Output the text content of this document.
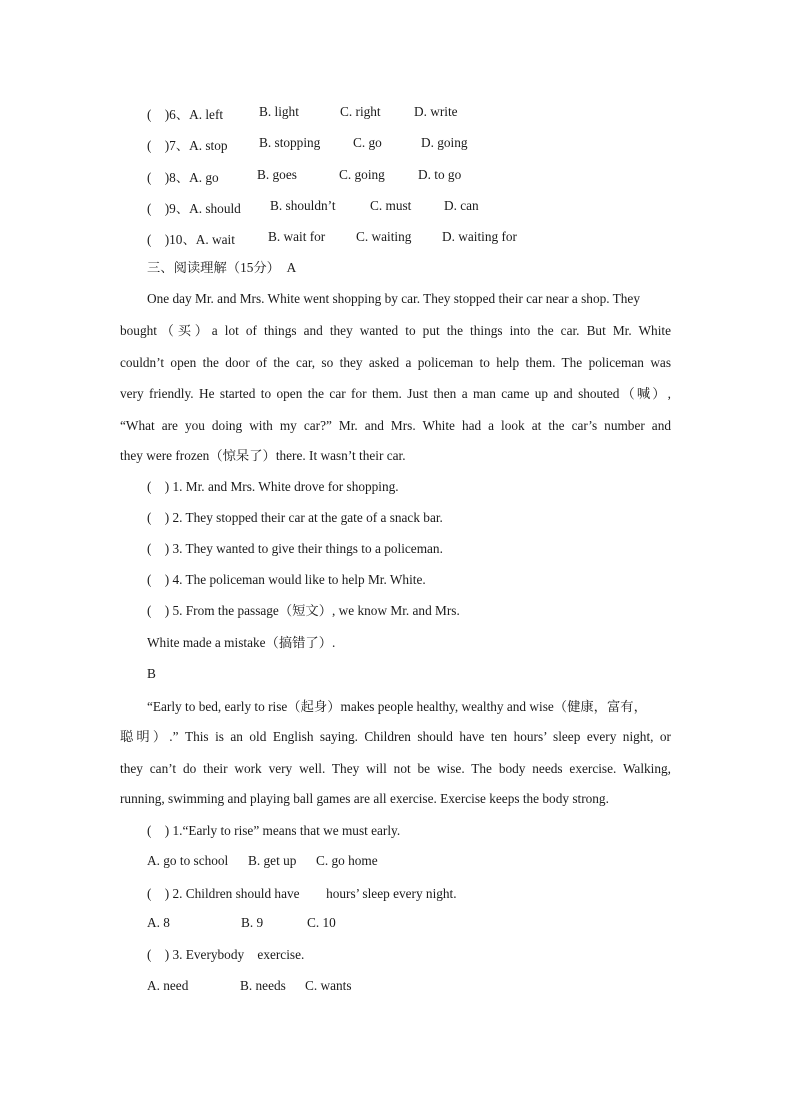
(    )6、A. left	B. light	C. right	D. write
(    )7、A. stop B. stopping C. go	D. going
(    )8、A. go	B. goes	C. going D. to go
(    )9、A. should B. shouldn’t	C. must D. can
(    )10、A. wait B. wait for C. waiting D. waiting for
三、阅读理解（15分）  A
One day Mr. and Mrs. White went shopping by car. They stopped their car near a shop. They
bought（买）a lot of things and they wanted to put the things into the car. But Mr. White
couldn’t open the door of the car, so they asked a policeman to help them. The policeman was
very friendly. He started to open the car for them. Just then a man came up and shouted（喊）,
“What are you doing with my car?” Mr. and Mrs. White had a look at the car’s number and
they were frozen（惊呆了）there. It wasn’t their car.
(    ) 1. Mr. and Mrs. White drove for shopping.
(    ) 2. They stopped their car at the gate of a snack bar.
(    ) 3. They wanted to give their things to a policeman.
(    ) 4. The policeman would like to help Mr. White.
(    ) 5. From the passage（短文）, we know Mr. and Mrs.
White made a mistake（搞错了）.
B
“Early to bed, early to rise（起身）makes people healthy, wealthy and wise（健康，富有，
聪明）.” This is an old English saying. Children should have ten hours’ sleep every night, or
they can’t do their work very well. They will not be wise. The body needs exercise. Walking,
running, swimming and playing ball games are all exercise. Exercise keeps the body strong.
(    ) 1.“Early to rise” means that we must early.
A. go to school B. get up C. go home
(    ) 2. Children should have        hours’ sleep every night.
A. 8	B. 9	C. 10
(    ) 3. Everybody    exercise.
A. need	B. needs C. wants
